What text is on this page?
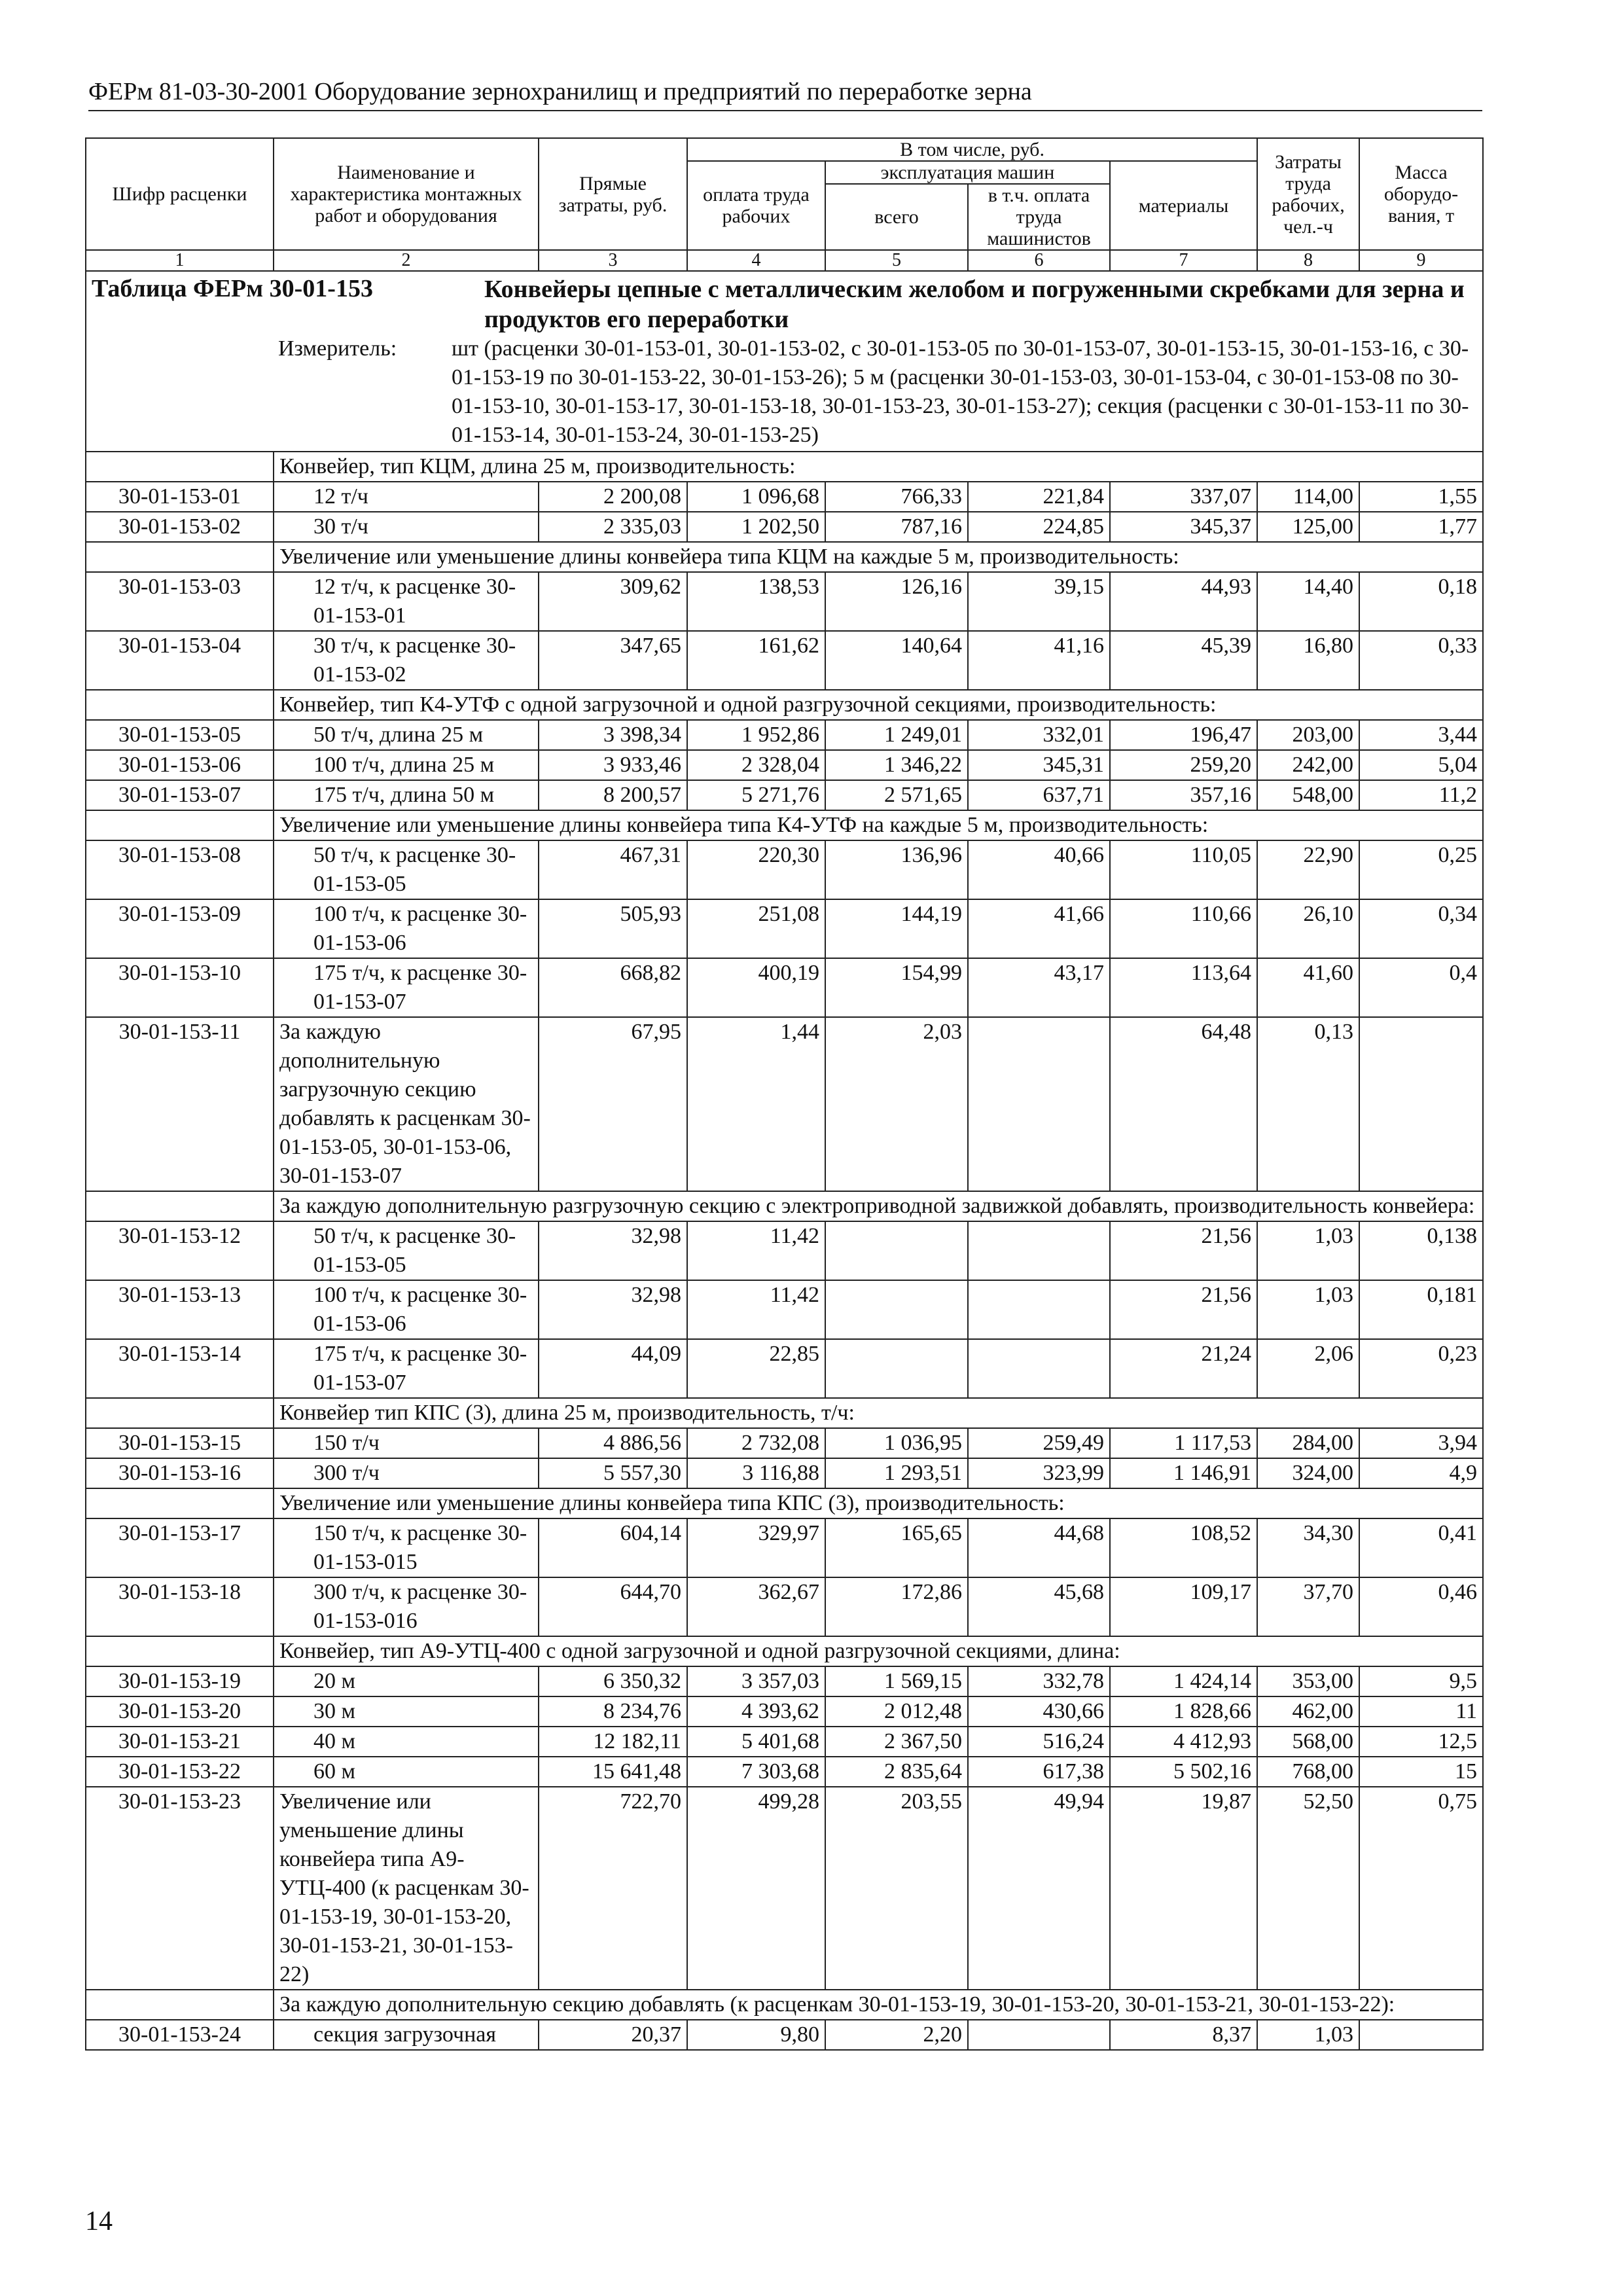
ФЕРм 81-03-30-2001 Оборудование зернохранилищ и предприятий по переработке зерна
Шифр расценки	Наименование и характеристика монтажных работ и оборудования	Прямые затраты, руб.	В том числе, руб.				Затраты труда рабочих, чел.-ч	Масса оборудо-вания, т
			оплата труда рабочих	эксплуатация машин		материалы		
				всего	в т.ч. оплата труда машинистов			
1	2	3	4	5	6	7	8	9

Таблица ФЕРм 30-01-153 Конвейеры цепные с металлическим желобом и погруженными скребками для зерна и продуктов его переработки
Измеритель: шт (расценки 30-01-153-01, 30-01-153-02, с 30-01-153-05 по 30-01-153-07, 30-01-153-15, 30-01-153-16, с 30-01-153-19 по 30-01-153-22, 30-01-153-26); 5 м (расценки 30-01-153-03, 30-01-153-04, с 30-01-153-08 по 30-01-153-10, 30-01-153-17, 30-01-153-18, 30-01-153-23, 30-01-153-27); секция (расценки с 30-01-153-11 по 30-01-153-14, 30-01-153-24, 30-01-153-25)								

	Конвейер, тип КЦМ, длина 25 м, производительность:							
30-01-153-01	12 т/ч	2 200,08	1 096,68	766,33	221,84	337,07	114,00	1,55
30-01-153-02	30 т/ч	2 335,03	1 202,50	787,16	224,85	345,37	125,00	1,77
	Увеличение или уменьшение длины конвейера типа КЦМ на каждые 5 м, производительность:							
30-01-153-03	12 т/ч, к расценке 30-01-153-01	309,62	138,53	126,16	39,15	44,93	14,40	0,18
30-01-153-04	30 т/ч, к расценке 30-01-153-02	347,65	161,62	140,64	41,16	45,39	16,80	0,33
	Конвейер, тип К4-УТФ с одной загрузочной и одной разгрузочной секциями, производительность:							
30-01-153-05	50 т/ч, длина 25 м	3 398,34	1 952,86	1 249,01	332,01	196,47	203,00	3,44
30-01-153-06	100 т/ч, длина 25 м	3 933,46	2 328,04	1 346,22	345,31	259,20	242,00	5,04
30-01-153-07	175 т/ч, длина 50 м	8 200,57	5 271,76	2 571,65	637,71	357,16	548,00	11,2
	Увеличение или уменьшение длины конвейера типа К4-УТФ на каждые 5 м, производительность:							
30-01-153-08	50 т/ч, к расценке 30-01-153-05	467,31	220,30	136,96	40,66	110,05	22,90	0,25
30-01-153-09	100 т/ч, к расценке 30-01-153-06	505,93	251,08	144,19	41,66	110,66	26,10	0,34
30-01-153-10	175 т/ч, к расценке 30-01-153-07	668,82	400,19	154,99	43,17	113,64	41,60	0,4
30-01-153-11	За каждую дополнительную загрузочную секцию добавлять к расценкам 30-01-153-05, 30-01-153-06, 30-01-153-07	67,95	1,44	2,03		64,48	0,13	
	За каждую дополнительную разгрузочную секцию с электроприводной задвижкой добавлять, производительность конвейера:							
30-01-153-12	50 т/ч, к расценке 30-01-153-05	32,98	11,42			21,56	1,03	0,138
30-01-153-13	100 т/ч, к расценке 30-01-153-06	32,98	11,42			21,56	1,03	0,181
30-01-153-14	175 т/ч, к расценке 30-01-153-07	44,09	22,85			21,24	2,06	0,23
	Конвейер тип КПС (3), длина 25 м, производительность, т/ч:							
30-01-153-15	150 т/ч	4 886,56	2 732,08	1 036,95	259,49	1 117,53	284,00	3,94
30-01-153-16	300 т/ч	5 557,30	3 116,88	1 293,51	323,99	1 146,91	324,00	4,9
	Увеличение или уменьшение длины конвейера типа КПС (3), производительность:							
30-01-153-17	150 т/ч, к расценке 30-01-153-015	604,14	329,97	165,65	44,68	108,52	34,30	0,41
30-01-153-18	300 т/ч, к расценке 30-01-153-016	644,70	362,67	172,86	45,68	109,17	37,70	0,46
	Конвейер, тип А9-УТЦ-400 с одной загрузочной и одной разгрузочной секциями, длина:							
30-01-153-19	20 м	6 350,32	3 357,03	1 569,15	332,78	1 424,14	353,00	9,5
30-01-153-20	30 м	8 234,76	4 393,62	2 012,48	430,66	1 828,66	462,00	11
30-01-153-21	40 м	12 182,11	5 401,68	2 367,50	516,24	4 412,93	568,00	12,5
30-01-153-22	60 м	15 641,48	7 303,68	2 835,64	617,38	5 502,16	768,00	15
30-01-153-23	Увеличение или уменьшение длины конвейера типа А9-УТЦ-400 (к расценкам 30-01-153-19, 30-01-153-20, 30-01-153-21, 30-01-153-22)	722,70	499,28	203,55	49,94	19,87	52,50	0,75
	За каждую дополнительную секцию добавлять (к расценкам 30-01-153-19, 30-01-153-20, 30-01-153-21, 30-01-153-22):							
30-01-153-24	секция загрузочная	20,37	9,80	2,20		8,37	1,03	
14
